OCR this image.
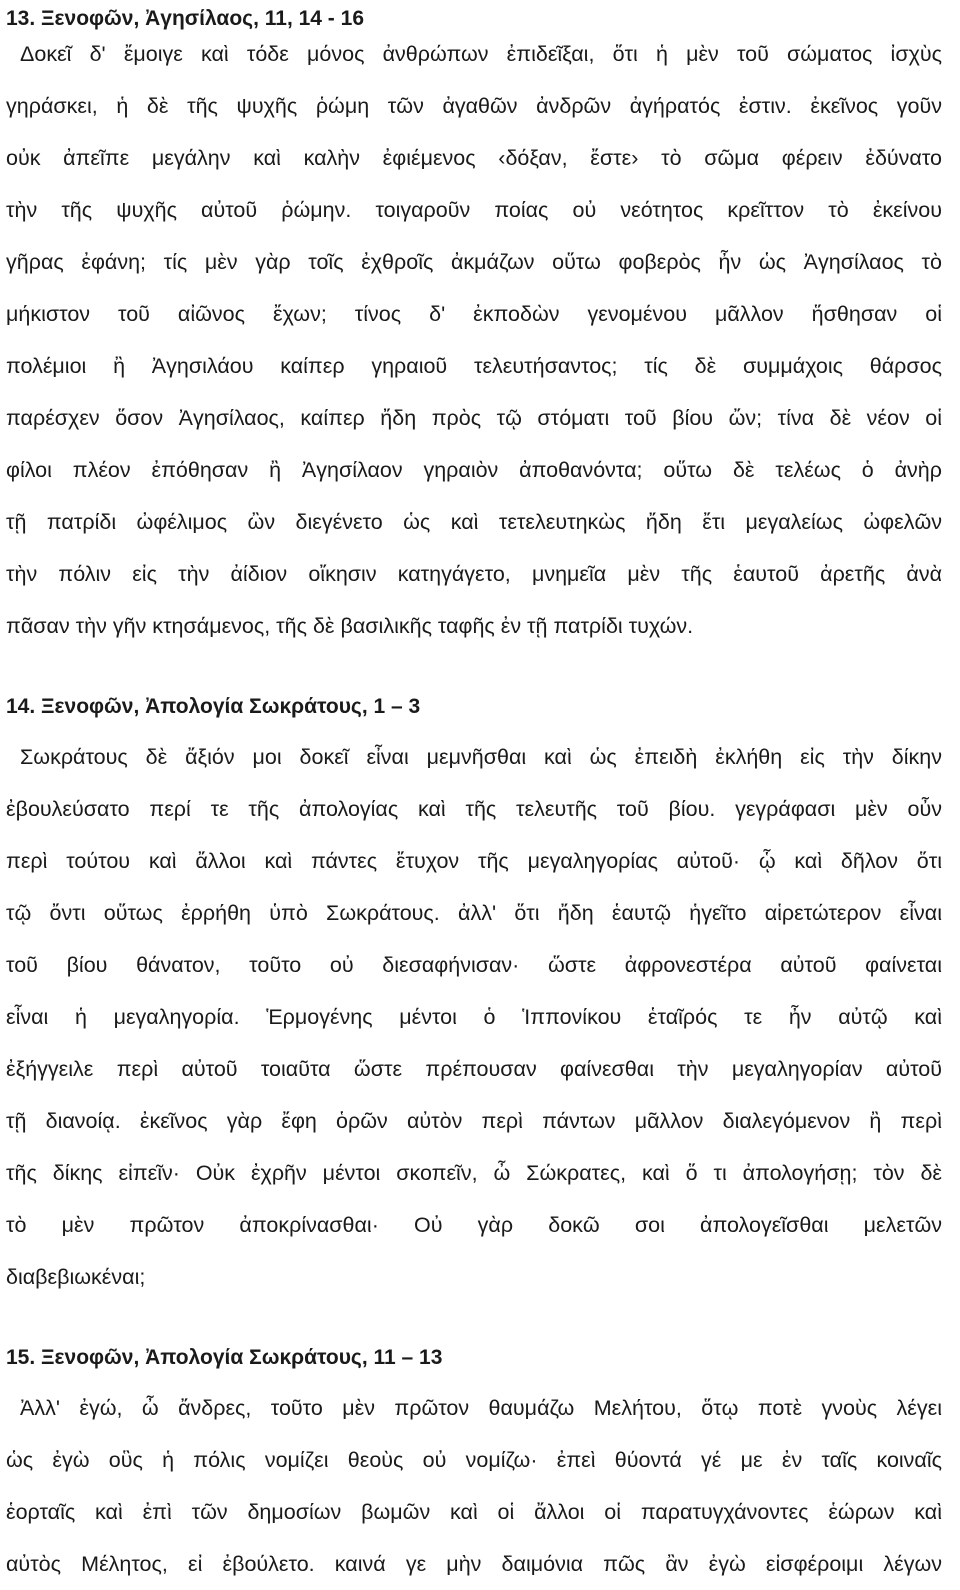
13. Ξενοφῶν, Ἀγησίλαος, 11, 14 - 16
Δοκεῖ δ' ἔμοιγε καὶ τόδε μόνος ἀνθρώπων ἐπιδεῖξαι, ὅτι ἡ μὲν τοῦ σώματος ἰσχὺς
γηράσκει, ἡ δὲ τῆς ψυχῆς ῥώμη τῶν ἀγαθῶν ἀνδρῶν ἀγήρατός ἐστιν. ἐκεῖνος γοῦν
οὐκ ἀπεῖπε μεγάλην καὶ καλὴν ἐφιέμενος ‹δόξαν, ἔστε› τὸ σῶμα φέρειν ἐδύνατο
τὴν τῆς ψυχῆς αὐτοῦ ῥώμην. τοιγαροῦν ποίας οὐ νεότητος κρεῖττον τὸ ἐκείνου
γῆρας ἐφάνη; τίς μὲν γὰρ τοῖς ἐχθροῖς ἀκμάζων οὕτω φοβερὸς ἦν ὡς Ἀγησίλαος τὸ
μήκιστον τοῦ αἰῶνος ἔχων; τίνος δ' ἐκποδὼν γενομένου μᾶλλον ἥσθησαν οἱ
πολέμιοι ἢ Ἀγησιλάου καίπερ γηραιοῦ τελευτήσαντος; τίς δὲ συμμάχοις θάρσος
παρέσχεν ὅσον Ἀγησίλαος, καίπερ ἤδη πρὸς τῷ στόματι τοῦ βίου ὤν; τίνα δὲ νέον οἱ
φίλοι πλέον ἐπόθησαν ἢ Ἀγησίλαον γηραιὸν ἀποθανόντα; οὕτω δὲ τελέως ὁ ἀνὴρ
τῇ πατρίδι ὠφέλιμος ὢν διεγένετο ὡς καὶ τετελευτηκὼς ἤδη ἔτι μεγαλείως ὠφελῶν
τὴν πόλιν εἰς τὴν ἀίδιον οἴκησιν κατηγάγετο, μνημεῖα μὲν τῆς ἑαυτοῦ ἀρετῆς ἀνὰ
πᾶσαν τὴν γῆν κτησάμενος, τῆς δὲ βασιλικῆς ταφῆς ἐν τῇ πατρίδι τυχών.
14. Ξενοφῶν, Ἀπολογία Σωκράτους, 1 – 3
Σωκράτους δὲ ἄξιόν μοι δοκεῖ εἶναι μεμνῆσθαι καὶ ὡς ἐπειδὴ ἐκλήθη εἰς τὴν δίκην
ἐβουλεύσατο περί τε τῆς ἀπολογίας καὶ τῆς τελευτῆς τοῦ βίου. γεγράφασι μὲν οὖν
περὶ τούτου καὶ ἄλλοι καὶ πάντες ἔτυχον τῆς μεγαληγορίας αὐτοῦ· ᾧ καὶ δῆλον ὅτι
τῷ ὄντι οὕτως ἐρρήθη ὑπὸ Σωκράτους. ἀλλ' ὅτι ἤδη ἑαυτῷ ἡγεῖτο αἱρετώτερον εἶναι
τοῦ βίου θάνατον, τοῦτο οὐ διεσαφήνισαν· ὥστε ἀφρονεστέρα αὐτοῦ φαίνεται
εἶναι ἡ μεγαληγορία. Ἑρμογένης μέντοι ὁ Ἱππονίκου ἑταῖρός τε ἦν αὐτῷ καὶ
ἐξήγγειλε περὶ αὐτοῦ τοιαῦτα ὥστε πρέπουσαν φαίνεσθαι τὴν μεγαληγορίαν αὐτοῦ
τῇ διανοίᾳ. ἐκεῖνος γὰρ ἔφη ὁρῶν αὐτὸν περὶ πάντων μᾶλλον διαλεγόμενον ἢ περὶ
τῆς δίκης εἰπεῖν· Οὐκ ἐχρῆν μέντοι σκοπεῖν, ὦ Σώκρατες, καὶ ὅ τι ἀπολογήσῃ; τὸν δὲ
τὸ μὲν πρῶτον ἀποκρίνασθαι· Οὐ γὰρ δοκῶ σοι ἀπολογεῖσθαι μελετῶν
διαβεβιωκέναι;
15. Ξενοφῶν, Ἀπολογία Σωκράτους, 11 – 13
Ἀλλ' ἐγώ, ὦ ἄνδρες, τοῦτο μὲν πρῶτον θαυμάζω Μελήτου, ὅτῳ ποτὲ γνοὺς λέγει
ὡς ἐγὼ οὓς ἡ πόλις νομίζει θεοὺς οὐ νομίζω· ἐπεὶ θύοντά γέ με ἐν ταῖς κοιναῖς
ἑορταῖς καὶ ἐπὶ τῶν δημοσίων βωμῶν καὶ οἱ ἄλλοι οἱ παρατυγχάνοντες ἑώρων καὶ
αὐτὸς Μέλητος, εἰ ἐβούλετο. καινά γε μὴν δαιμόνια πῶς ἂν ἐγὼ εἰσφέροιμι λέγων
